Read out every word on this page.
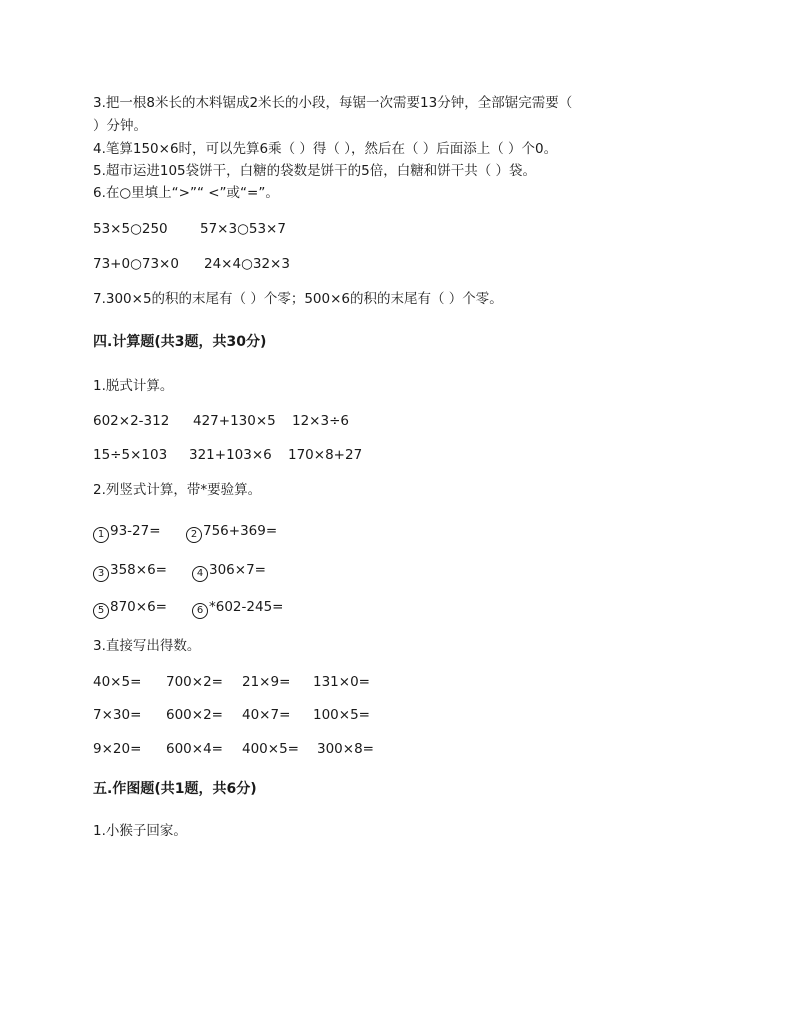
3.把一根8米长的木料锯成2米长的小段，每锯一次需要13分钟，全部锯完需要（
）分钟。
4.笔算150×6时，可以先算6乘（ ）得（ ），然后在（ ）后面添上（ ）个0。
5.超市运进105袋饼干，白糖的袋数是饼干的5倍，白糖和饼干共（ ）袋。
6.在○里填上“>”“ <”或“=”。
53×5○250 57×3○53×7
73+0○73×0 24×4○32×3
7.300×5的积的末尾有（ ）个零；500×6的积的末尾有（ ）个零。
四.计算题(共3题，共30分)
1.脱式计算。
602×2-312 427+130×5 12×3÷6
15÷5×103 321+103×6 170×8+27
2.列竖式计算，带*要验算。
1 93-27=	2 756+369=
3 358×6=	4 306×7=
5 870×6=	6 *602-245=
3.直接写出得数。
40×5= 700×2= 21×9= 131×0=
7×30= 600×2= 40×7= 100×5=
9×20= 600×4= 400×5= 300×8=
五.作图题(共1题，共6分)
1.小猴子回家。
